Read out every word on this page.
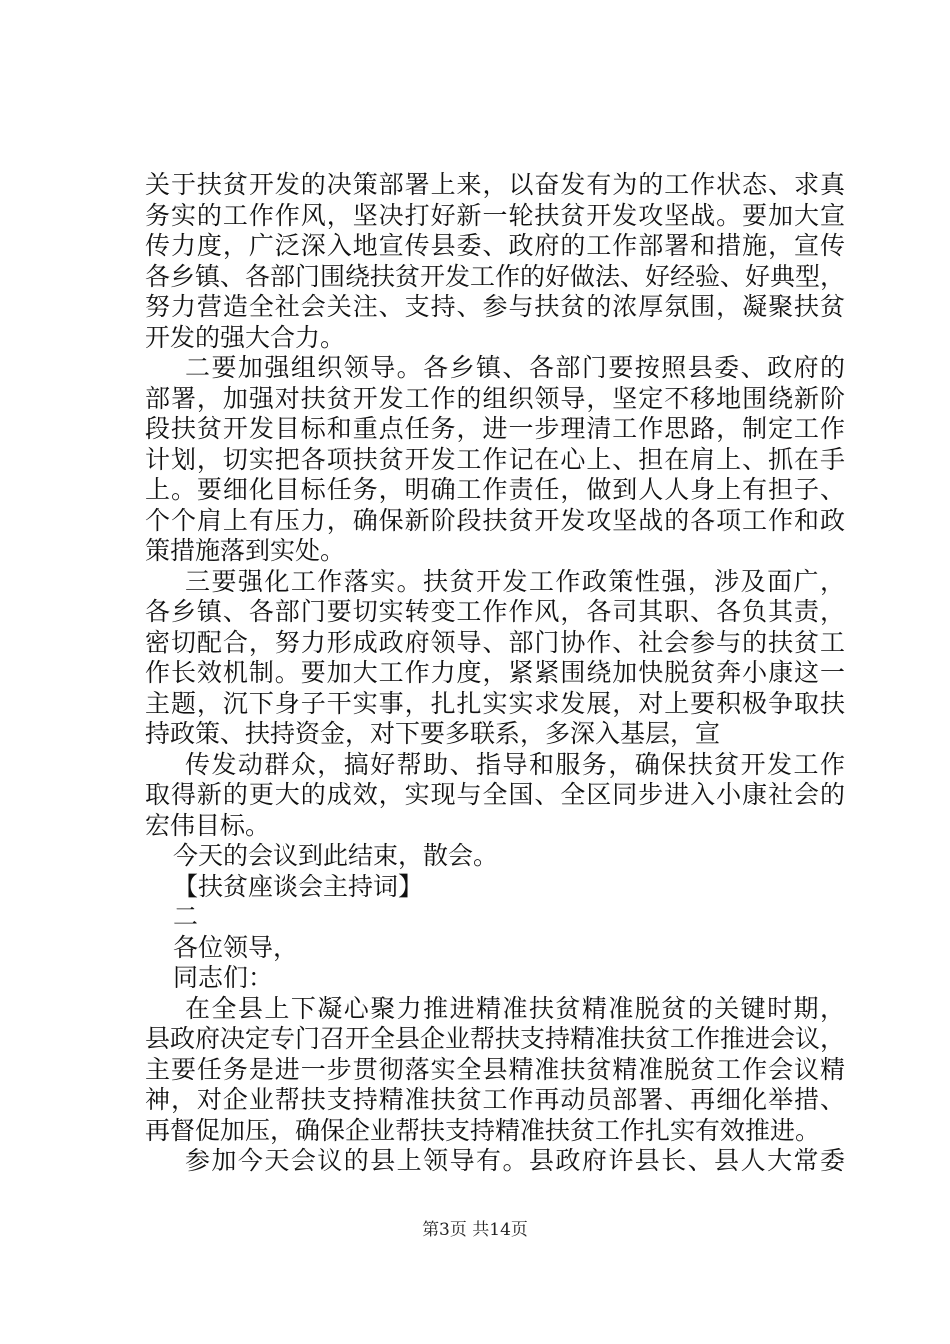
关于扶贫开发的决策部署上来，以奋发有为的工作状态、求真
务实的工作作风，坚决打好新一轮扶贫开发攻坚战。要加大宣
传力度，广泛深入地宣传县委、政府的工作部署和措施，宣传
各乡镇、各部门围绕扶贫开发工作的好做法、好经验、好典型，
努力营造全社会关注、支持、参与扶贫的浓厚氛围，凝聚扶贫
开发的强大合力。
二要加强组织领导。各乡镇、各部门要按照县委、政府的
部署，加强对扶贫开发工作的组织领导，坚定不移地围绕新阶
段扶贫开发目标和重点任务，进一步理清工作思路，制定工作
计划，切实把各项扶贫开发工作记在心上、担在肩上、抓在手
上。要细化目标任务，明确工作责任，做到人人身上有担子、
个个肩上有压力，确保新阶段扶贫开发攻坚战的各项工作和政
策措施落到实处。
三要强化工作落实。扶贫开发工作政策性强，涉及面广，
各乡镇、各部门要切实转变工作作风，各司其职、各负其责，
密切配合，努力形成政府领导、部门协作、社会参与的扶贫工
作长效机制。要加大工作力度，紧紧围绕加快脱贫奔小康这一
主题，沉下身子干实事，扎扎实实求发展，对上要积极争取扶
持政策、扶持资金，对下要多联系，多深入基层，宣
传发动群众，搞好帮助、指导和服务，确保扶贫开发工作
取得新的更大的成效，实现与全国、全区同步进入小康社会的
宏伟目标。
今天的会议到此结束，散会。
【扶贫座谈会主持词】
二
各位领导，
同志们：
在全县上下凝心聚力推进精准扶贫精准脱贫的关键时期，
县政府决定专门召开全县企业帮扶支持精准扶贫工作推进会议，
主要任务是进一步贯彻落实全县精准扶贫精准脱贫工作会议精
神，对企业帮扶支持精准扶贫工作再动员部署、再细化举措、
再督促加压，确保企业帮扶支持精准扶贫工作扎实有效推进。
参加今天会议的县上领导有。县政府许县长、县人大常委
第3页 共14页
